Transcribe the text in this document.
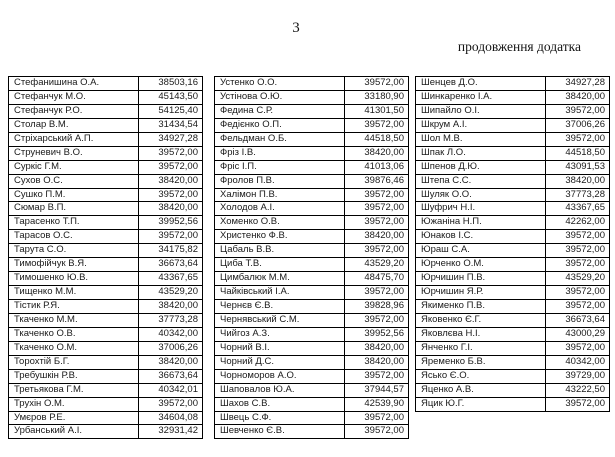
3
продовження додатка
Стефанишина О.А.	38503,16
Стефанчук М.О.	45143,50
Стефанчук Р.О.	54125,40
Столар В.М.	31434,54
Стріхарський А.П.	34927,28
Струневич В.О.	39572,00
Суркіс Г.М.	39572,00
Сухов О.С.	38420,00
Сушко П.М.	39572,00
Сюмар В.П.	38420,00
Тарасенко Т.П.	39952,56
Тарасов О.С.	39572,00
Тарута С.О.	34175,82
Тимофійчук В.Я.	36673,64
Тимошенко Ю.В.	43367,65
Тищенко М.М.	43529,20
Тістик Р.Я.	38420,00
Ткаченко М.М.	37773,28
Ткаченко О.В.	40342,00
Ткаченко О.М.	37006,26
Торохтій Б.Г.	38420,00
Требушкін Р.В.	36673,64
Третьякова Г.М.	40342,01
Трухін О.М.	39572,00
Умєров Р.Е.	34604,08
Урбанський А.І.	32931,42
Устенко О.О.	39572,00
Устінова О.Ю.	33180,90
Федина С.Р.	41301,50
Федієнко О.П.	39572,00
Фельдман О.Б.	44518,50
Фріз І.В.	38420,00
Фріс І.П.	41013,06
Фролов П.В.	39876,46
Халімон П.В.	39572,00
Холодов А.І.	39572,00
Хоменко О.В.	39572,00
Христенко Ф.В.	38420,00
Цабаль В.В.	39572,00
Циба Т.В.	43529,20
Цимбалюк М.М.	48475,70
Чайківський І.А.	39572,00
Чернєв Є.В.	39828,96
Чернявський С.М.	39572,00
Чийгоз А.З.	39952,56
Чорний В.І.	38420,00
Чорний Д.С.	38420,00
Чорноморов А.О.	39572,00
Шаповалов Ю.А.	37944,57
Шахов С.В.	42539,90
Швець С.Ф.	39572,00
Шевченко Є.В.	39572,00
Шенцев Д.О.	34927,28
Шинкаренко І.А.	38420,00
Шипайло О.І.	39572,00
Шкрум А.І.	37006,26
Шол М.В.	39572,00
Шпак Л.О.	44518,50
Шпенов Д.Ю.	43091,53
Штепа С.С.	38420,00
Шуляк О.О.	37773,28
Шуфрич Н.І.	43367,65
Южаніна Н.П.	42262,00
Юнаков І.С.	39572,00
Юраш С.А.	39572,00
Юрченко О.М.	39572,00
Юрчишин П.В.	43529,20
Юрчишин Я.Р.	39572,00
Якименко П.В.	39572,00
Яковенко Є.Г.	36673,64
Яковлєва Н.І.	43000,29
Янченко Г.І.	39572,00
Яременко Б.В.	40342,00
Ясько Є.О.	39729,00
Яценко А.В.	43222,50
Яцик Ю.Г.	39572,00
